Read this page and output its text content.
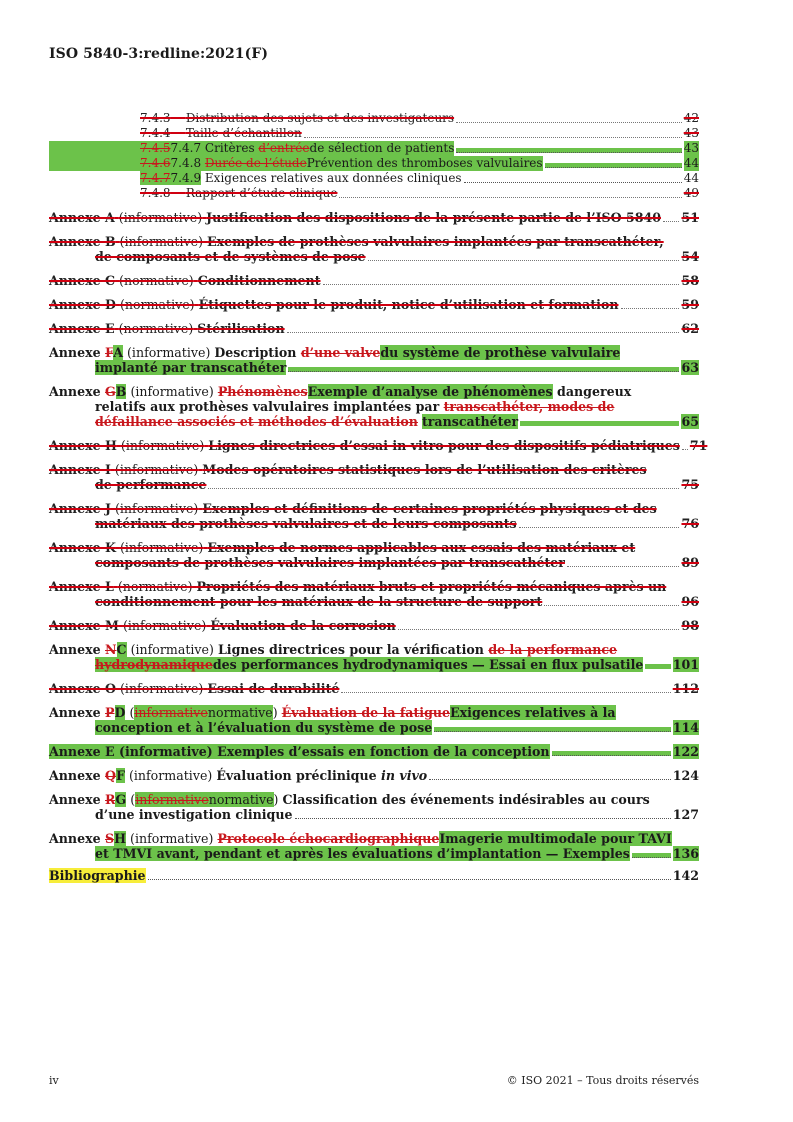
ISO 5840-3:redline:2021(F)
7.4.3 Distribution des sujets et des investigateurs	42
7.4.4 Taille d’échantillon	43
7.4.57.4.7 Critères d’entréede sélection de patients	43
7.4.67.4.8 Durée de l’étudePrévention des thromboses valvulaires	44
7.4.77.4.9 Exigences relatives aux données cliniques	44
7.4.8 Rapport d’étude clinique	49
Annexe A (informative) Justification des dispositions de la présente partie de l’ISO 5840 51
Annexe B (informative) Exemples de prothèses valvulaires implantées par transcathéter,
de composants et de systèmes de pose	54
Annexe C (normative) Conditionnement	58
Annexe D (normative) Étiquettes pour le produit, notice d’utilisation et formation	59
Annexe E (normative) Stérilisation	62
Annexe FA (informative) Description d’une valvedu système de prothèse valvulaire
implanté par transcathéter	63
Annexe GB (informative) PhénomènesExemple d’analyse de phénomènes dangereux
relatifs aux prothèses valvulaires implantées par transcathéter, modes de
défaillance associés et méthodes d’évaluation transcathéter	65
Annexe H (informative) Lignes directrices d’essai in vitro pour des dispositifs pédiatriques 71
Annexe I (informative) Modes opératoires statistiques lors de l’utilisation des critères
de performance	75
Annexe J (informative) Exemples et définitions de certaines propriétés physiques et des
matériaux des prothèses valvulaires et de leurs composants	76
Annexe K (informative) Exemples de normes applicables aux essais des matériaux et
composants de prothèses valvulaires implantées par transcathéter	89
Annexe L (normative) Propriétés des matériaux bruts et propriétés mécaniques après un
conditionnement pour les matériaux de la structure de support	96
Annexe M (informative) Évaluation de la corrosion	98
Annexe NC (informative) Lignes directrices pour la vérification de la performance
hydrodynamiquedes performances hydrodynamiques — Essai en flux pulsatile 101
Annexe O (informative) Essai de durabilité	112
Annexe PD (informativenormative) Évaluation de la fatigueExigences relatives à la
conception et à l’évaluation du système de pose	114
Annexe E (informative) Exemples d’essais en fonction de la conception	122
Annexe QF (informative) Évaluation préclinique in vivo	124
Annexe RG (informativenormative) Classification des événements indésirables au cours
d’une investigation clinique	127
Annexe SH (informative) Protocole échocardiographiqueImagerie multimodale pour TAVI
et TMVI avant, pendant et après les évaluations d’implantation — Exemples	136
Bibliographie	142
iv	© ISO 2021 – Tous droits réservés
